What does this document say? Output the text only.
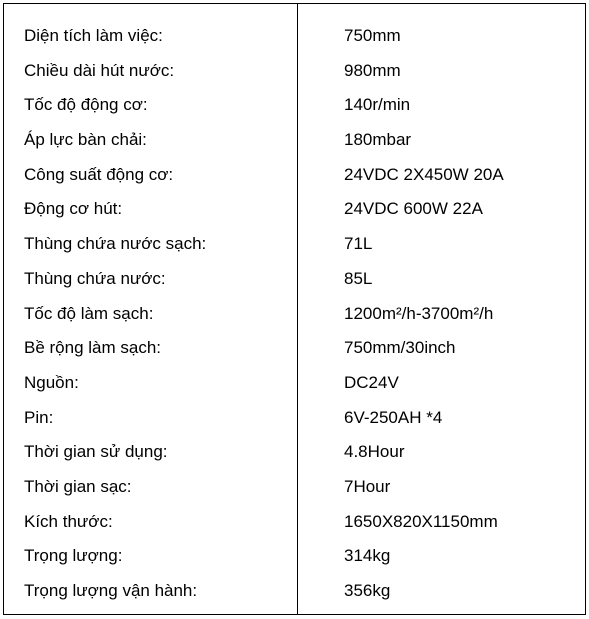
Diện tích làm việc:	750mm
Chiều dài hút nước:	980mm
Tốc độ động cơ:	140r/min
Áp lực bàn chải:	180mbar
Công suất động cơ:	24VDC 2X450W 20A
Động cơ hút:	24VDC 600W 22A
Thùng chứa nước sạch:	71L
Thùng chứa nước:	85L
Tốc độ làm sạch:	1200m²/h-3700m²/h
Bề rộng làm sạch:	750mm/30inch
Nguồn:	DC24V
Pin:	6V-250AH *4
Thời gian sử dụng:	4.8Hour
Thời gian sạc:	7Hour
Kích thước:	1650X820X1150mm
Trọng lượng:	314kg
Trọng lượng vận hành:	356kg
